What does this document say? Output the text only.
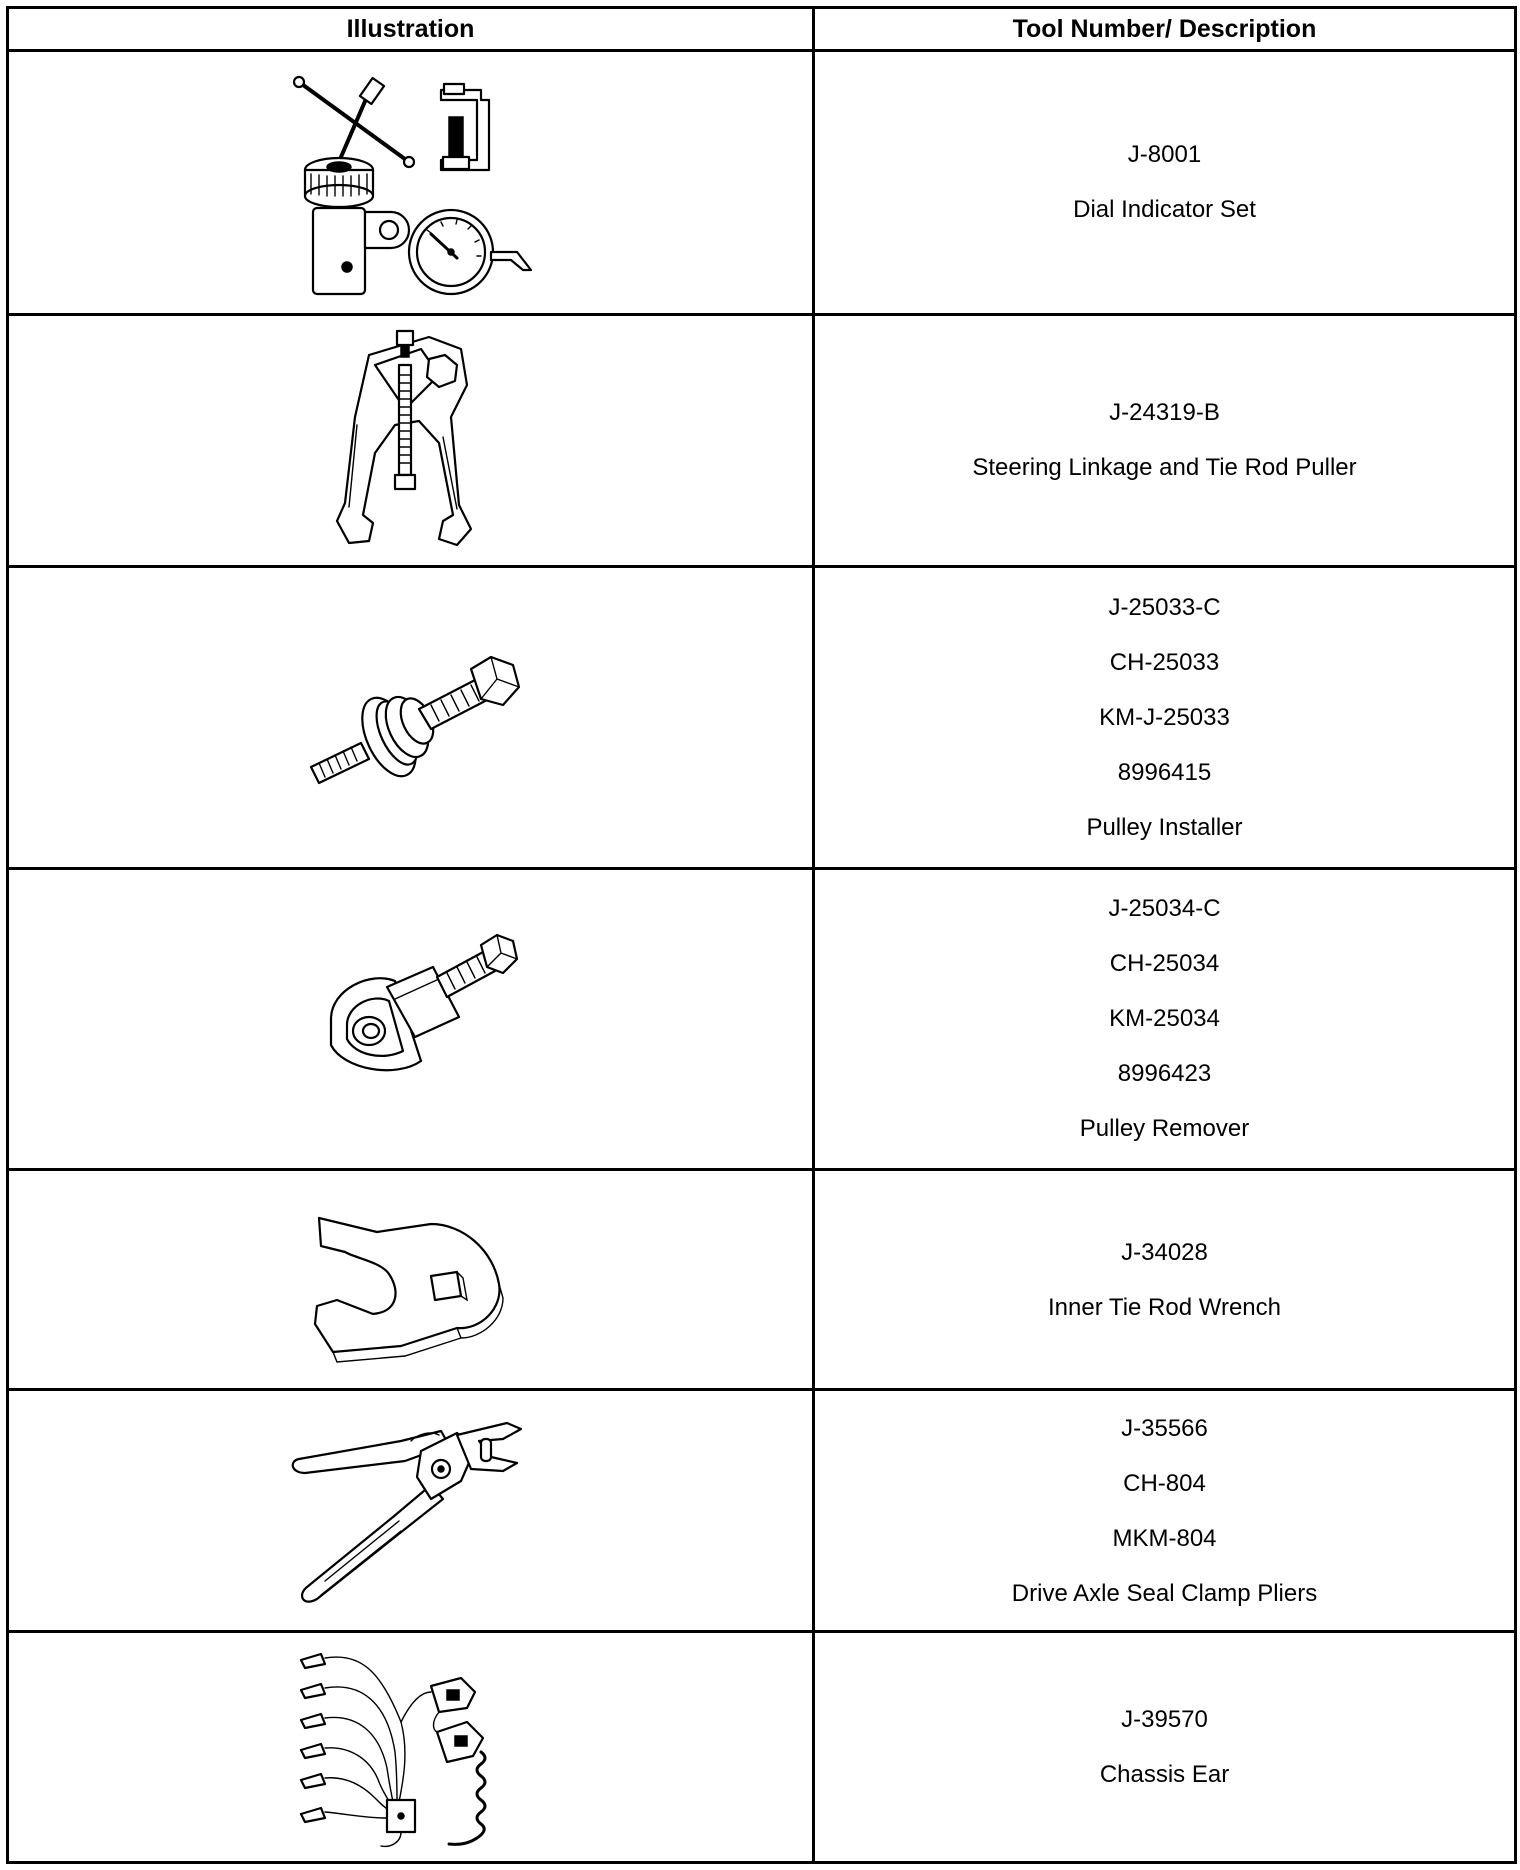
Illustration	Tool Number/ Description

J-8001
Dial Indicator Set

J-24319-B
Steering Linkage and Tie Rod Puller

J-25033-C
CH-25033
KM-J-25033
8996415
Pulley Installer

J-25034-C
CH-25034
KM-25034
8996423
Pulley Remover

J-34028
Inner Tie Rod Wrench

J-35566
CH-804
MKM-804
Drive Axle Seal Clamp Pliers

J-39570
Chassis Ear
